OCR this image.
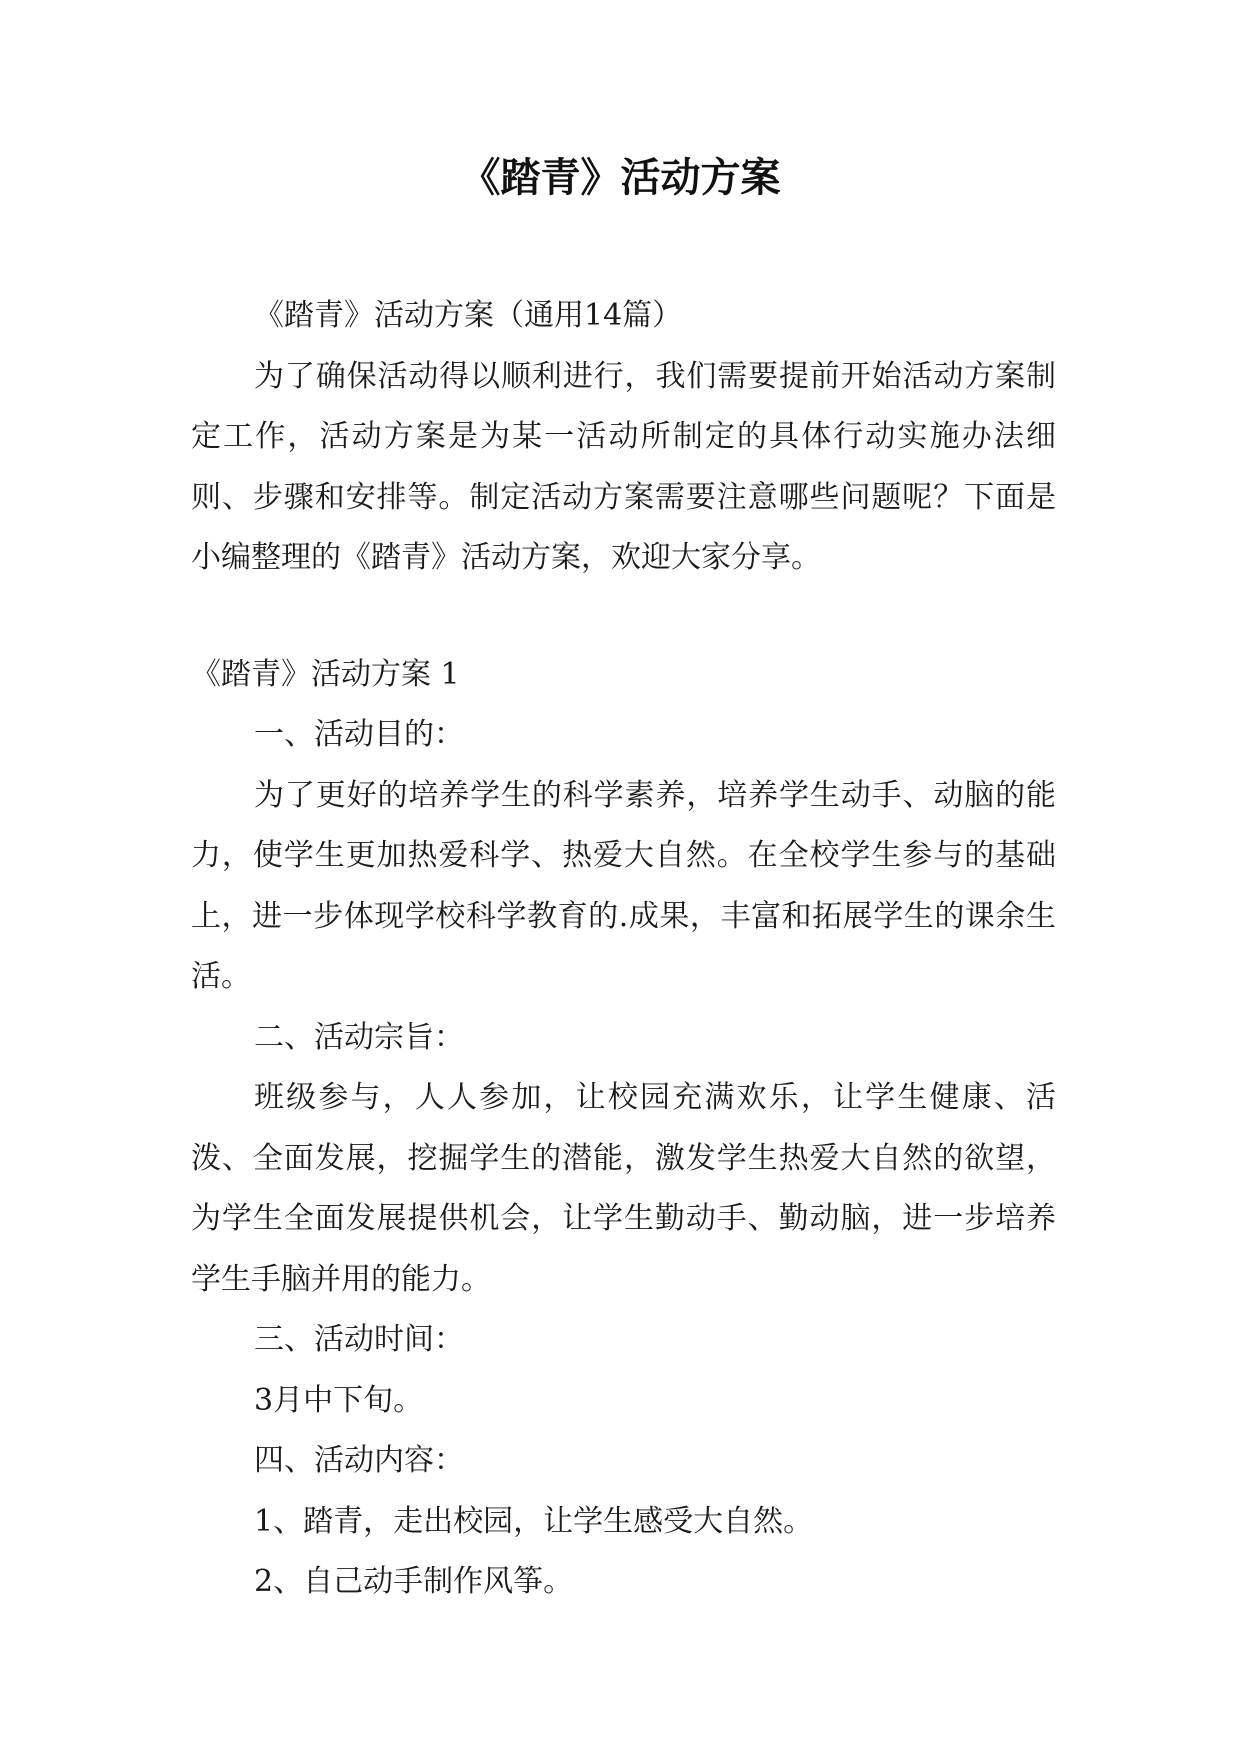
《踏青》活动方案

《踏青》活动方案（通用14篇）

为了确保活动得以顺利进行，我们需要提前开始活动方案制定工作，活动方案是为某一活动所制定的具体行动实施办法细则、步骤和安排等。制定活动方案需要注意哪些问题呢？下面是小编整理的《踏青》活动方案，欢迎大家分享。

《踏青》活动方案 1

一、活动目的：

为了更好的培养学生的科学素养，培养学生动手、动脑的能力，使学生更加热爱科学、热爱大自然。在全校学生参与的基础上，进一步体现学校科学教育的.成果，丰富和拓展学生的课余生活。

二、活动宗旨：

班级参与，人人参加，让校园充满欢乐，让学生健康、活泼、全面发展，挖掘学生的潜能，激发学生热爱大自然的欲望，为学生全面发展提供机会，让学生勤动手、勤动脑，进一步培养学生手脑并用的能力。

三、活动时间：

3月中下旬。

四、活动内容：

1、踏青，走出校园，让学生感受大自然。

2、自己动手制作风筝。
